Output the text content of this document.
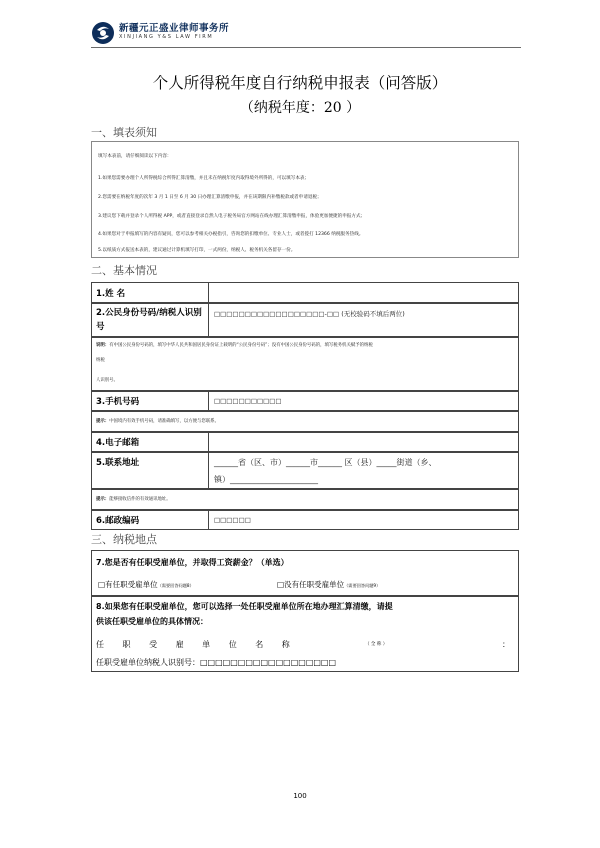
新疆元正盛业律师事务所
XINJIANG Y&S LAW FIRM
个人所得税年度自行纳税申报表（问答版）
（纳税年度：20 ）
一、填表须知
填写本表前，请仔细阅读以下内容：
1.如果您需要办理个人所得税综合所得汇算清缴，并且未在纳税年度内取得境外所得的，可以填写本表；
2.您需要在纳税年度的次年 3 月 1 日至 6 月 30 日办理汇算清缴申报，并在该期限内补缴税款或者申请退税；
3.建议您下载并登录个人所得税 APP，或者直接登录自然人电子税务局官方网站在线办理汇算清缴申报，体验更加便捷的申报方式；
4.如果您对于申报填写的内容有疑问，您可以参考相关办税指引，咨询您的扣缴单位、专业人士，或者拨打 12366 纳税服务热线。
5.以纸质方式报送本表的，建议通过计算机填写打印，一式两份，纳税人、税务机关各留存一份。
二、基本情况
1.姓 名
2.公民身份号码/纳税人识别号
□□□□□□□□□□□□□□□□□□-□□ (无校验码不填后两位)
说明：有中国公民身份号码的，填写中华人民共和国居民身份证上载明的“公民身份号码”；没有中国公民身份号码的，填写税务机关赋予的纳税
纳税
人识别号。
3.手机号码	□□□□□□□□□□□
提示：中国境内有效手机号码，请准确填写，以方便与您联系。
4.电子邮箱
5.联系地址	______省（区、市）______市______ 区（县）_____街道（乡、
镇）______________________
提示：能够接收信件的有效通讯地址。
6.邮政编码	□□□□□□
三、纳税地点
7.您是否有任职受雇单位，并取得工资薪金？（单选）
□有任职受雇单位（需要回答问题8）	□没有任职受雇单位（需要回答问题9）
8.如果您有任职受雇单位，您可以选择一处任职受雇单位所在地办理汇算清缴，请提
供该任职受雇单位的具体情况：
任 职 受 雇 单 位 名 称	（ 全 称 ）	：
任职受雇单位纳税人识别号：□□□□□□□□□□□□□□□□□□
100
